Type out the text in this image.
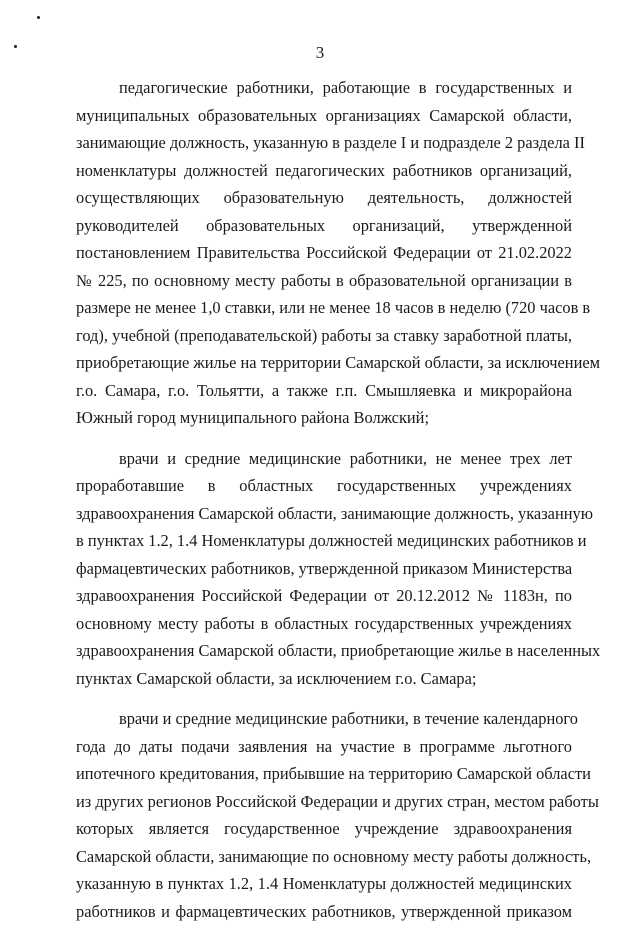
3

педагогические работники, работающие в государственных и
муниципальных образовательных организациях Самарской области,
занимающие должность, указанную в разделе I и подразделе 2 раздела II
номенклатуры должностей педагогических работников организаций,
осуществляющих образовательную деятельность, должностей
руководителей образовательных организаций, утвержденной
постановлением Правительства Российской Федерации от 21.02.2022
№ 225, по основному месту работы в образовательной организации в
размере не менее 1,0 ставки, или не менее 18 часов в неделю (720 часов в
год), учебной (преподавательской) работы за ставку заработной платы,
приобретающие жилье на территории Самарской области, за исключением
г.о. Самара, г.о. Тольятти, а также г.п. Смышляевка и микрорайона
Южный город муниципального района Волжский;

врачи и средние медицинские работники, не менее трех лет
проработавшие в областных государственных учреждениях
здравоохранения Самарской области, занимающие должность, указанную
в пунктах 1.2, 1.4 Номенклатуры должностей медицинских работников и
фармацевтических работников, утвержденной приказом Министерства
здравоохранения Российской Федерации от 20.12.2012 № 1183н, по
основному месту работы в областных государственных учреждениях
здравоохранения Самарской области, приобретающие жилье в населенных
пунктах Самарской области, за исключением г.о. Самара;

врачи и средние медицинские работники, в течение календарного
года до даты подачи заявления на участие в программе льготного
ипотечного кредитования, прибывшие на территорию Самарской области
из других регионов Российской Федерации и других стран, местом работы
которых является государственное учреждение здравоохранения
Самарской области, занимающие по основному месту работы должность,
указанную в пунктах 1.2, 1.4 Номенклатуры должностей медицинских
работников и фармацевтических работников, утвержденной приказом
